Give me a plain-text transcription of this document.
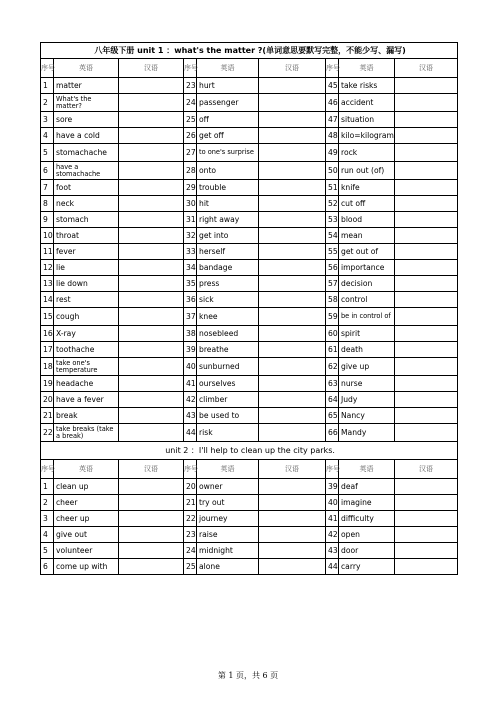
八年级下册 unit 1 ：what's the matter ?(单词意思要默写完整，不能少写、漏写)								
序号	英语	汉语	序号	英语	汉语	序号	英语	汉语
1	matter		23	hurt		45	take risks	
2	What's the matter?		24	passenger		46	accident	
3	sore		25	off		47	situation	
4	have a cold		26	get off		48	kilo=kilogram	
5	stomachache		27	to one's surprise		49	rock	
6	have a stomachache		28	onto		50	run out (of)	
7	foot		29	trouble		51	knife	
8	neck		30	hit		52	cut off	
9	stomach		31	right away		53	blood	
10	throat		32	get into		54	mean	
11	fever		33	herself		55	get out of	
12	lie		34	bandage		56	importance	
13	lie down		35	press		57	decision	
14	rest		36	sick		58	control	
15	cough		37	knee		59	be in control of	
16	X-ray		38	nosebleed		60	spirit	
17	toothache		39	breathe		61	death	
18	take one's temperature		40	sunburned		62	give up	
19	headache		41	ourselves		63	nurse	
20	have a fever		42	climber		64	Judy	
21	break		43	be used to		65	Nancy	
22	take breaks (take a break)		44	risk		66	Mandy	
unit 2 ：I'll help to clean up the city parks.								
序号	英语	汉语	序号	英语	汉语	序号	英语	汉语
1	clean up		20	owner		39	deaf	
2	cheer		21	try out		40	imagine	
3	cheer up		22	journey		41	difficulty	
4	give out		23	raise		42	open	
5	volunteer		24	midnight		43	door	
6	come up with		25	alone		44	carry	
第 1 页，共 6 页
